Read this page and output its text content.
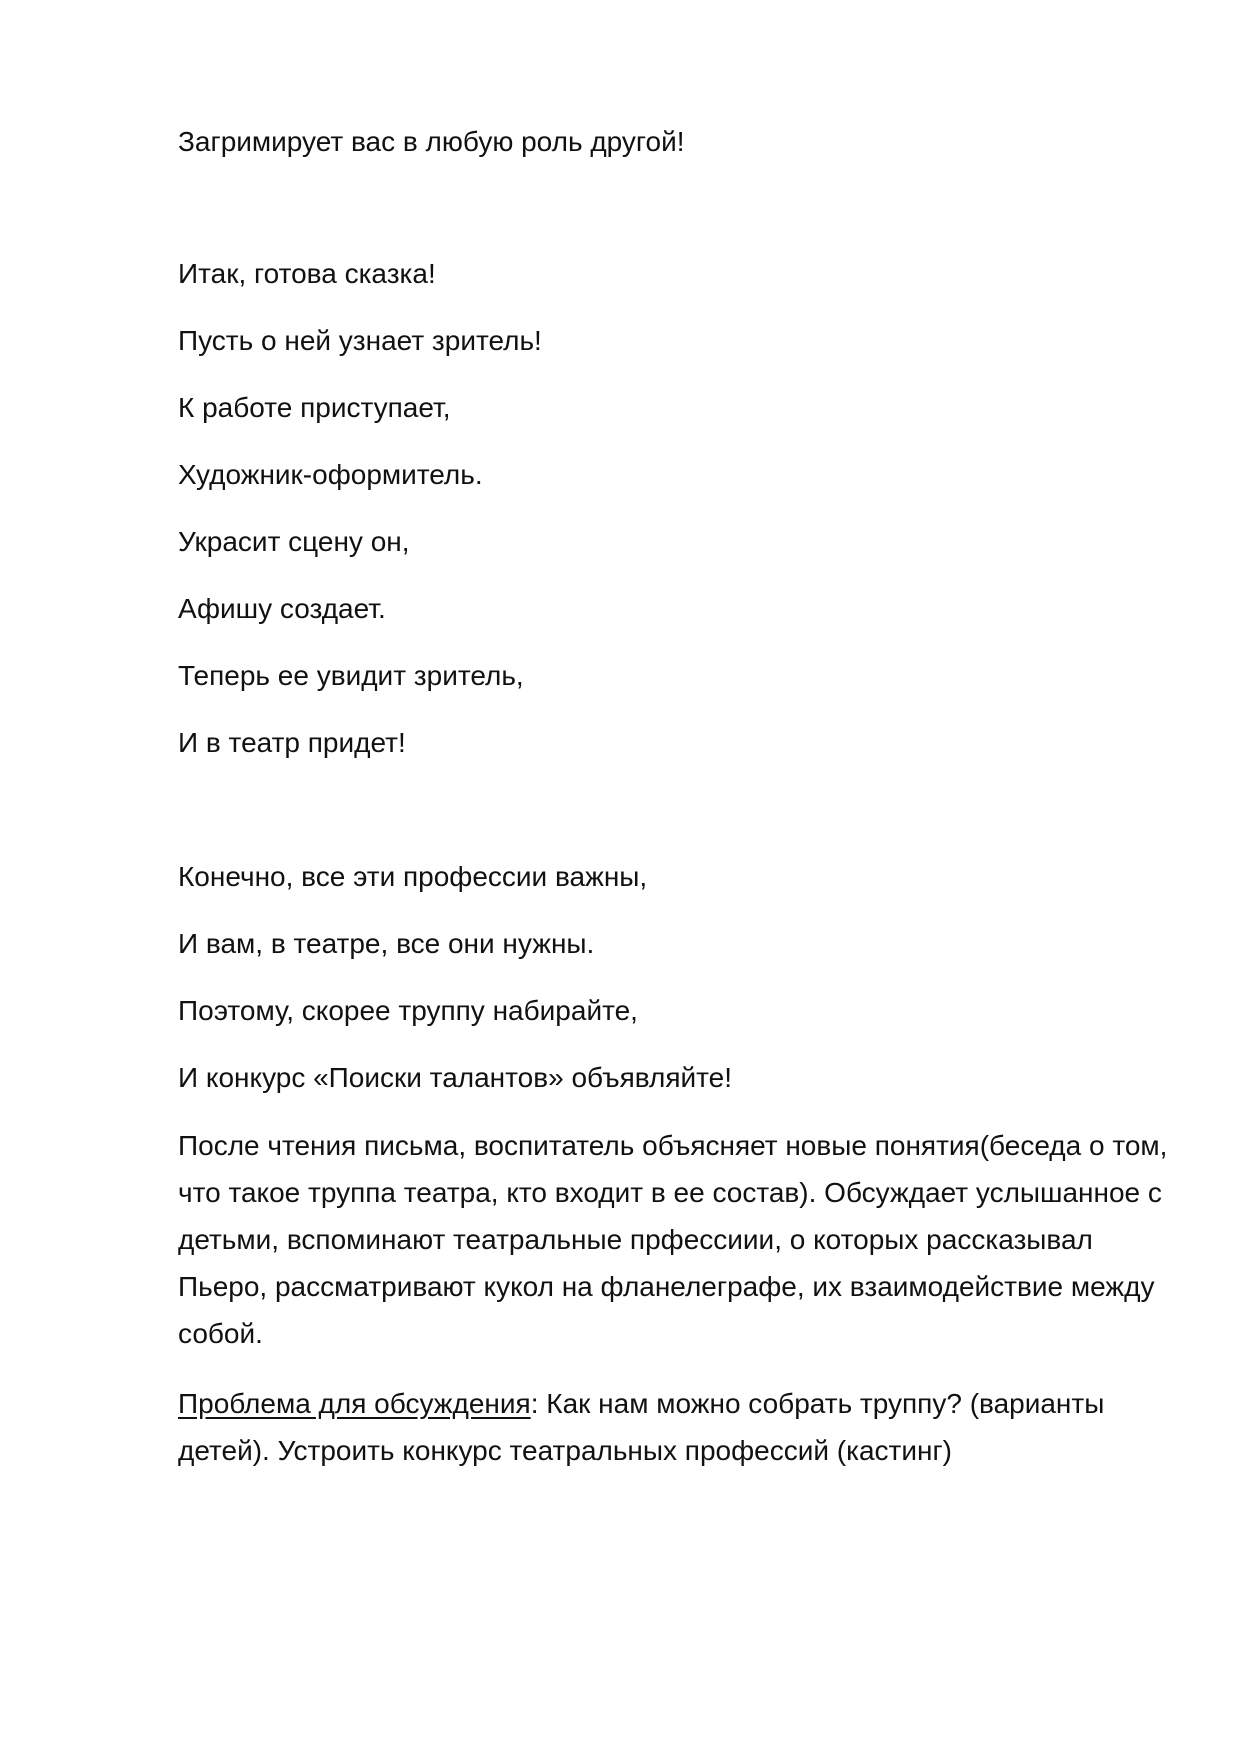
Загримирует вас в любую роль другой!
Итак, готова сказка!
Пусть о ней узнает зритель!
К работе приступает,
Художник-оформитель.
Украсит сцену он,
Афишу создает.
Теперь ее увидит зритель,
И в театр придет!
Конечно, все эти профессии важны,
И вам, в театре, все они нужны.
Поэтому, скорее труппу набирайте,
И конкурс «Поиски талантов» объявляйте!

После чтения письма, воспитатель объясняет новые понятия(беседа о том, что такое труппа театра, кто входит в ее состав). Обсуждает услышанное с детьми, вспоминают театральные прфессиии, о которых рассказывал Пьеро, рассматривают кукол на фланелеграфе, их взаимодействие между собой.

Проблема для обсуждения: Как нам можно собрать труппу? (варианты детей). Устроить конкурс театральных профессий (кастинг)
